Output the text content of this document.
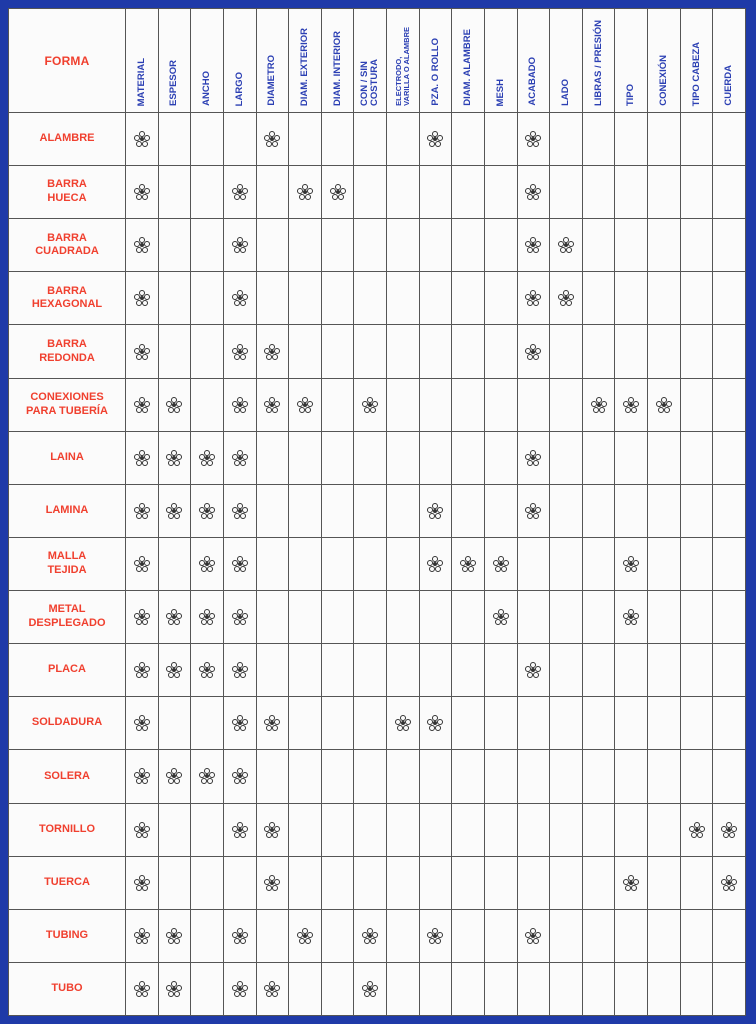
FORMA	MATERIAL ESPESOR ANCHO LARGO DIAMETRO DIAM. EXTERIOR DIAM. INTERIOR CON / SIN
COSTURA ELECTRODO,
VARILLA O ALAMBRE PZA. O ROLLO DIAM. ALAMBRE MESH ACABADO LADO LIBRAS / PRESIÓN TIPO CONEXIÓN TIPO CABEZA CUERDA
ALAMBRE
BARRA
HUECA
BARRA
CUADRADA
BARRA
HEXAGONAL
BARRA
REDONDA
CONEXIONES
PARA TUBERÍA
LAINA
LAMINA
MALLA
TEJIDA
METAL
DESPLEGADO
PLACA
SOLDADURA
SOLERA
TORNILLO
TUERCA
TUBING
TUBO
